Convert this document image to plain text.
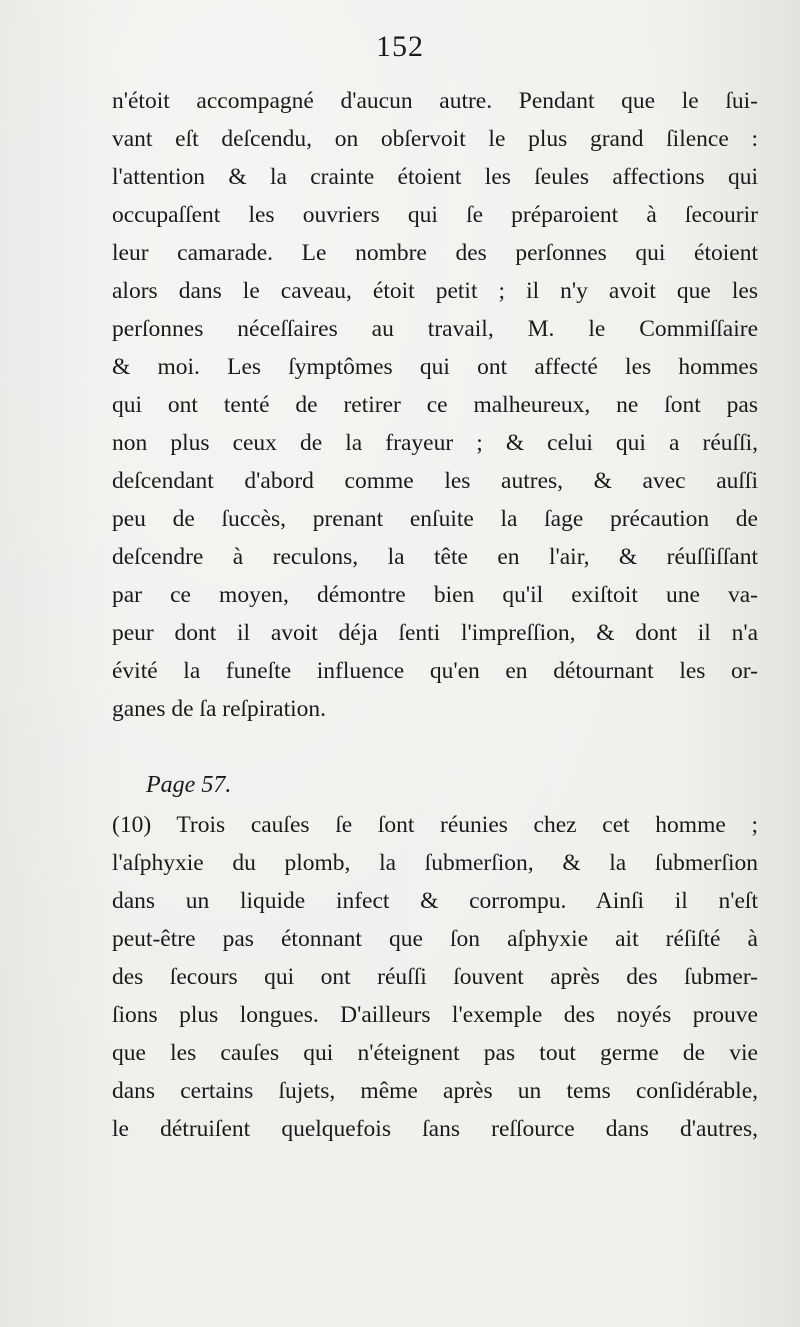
152
n'étoit accompagné d'aucun autre. Pendant que le ſui-
vant eſt deſcendu, on obſervoit le plus grand ſilence :
l'attention & la crainte étoient les ſeules affections qui
occupaſſent les ouvriers qui ſe préparoient à ſecourir
leur camarade. Le nombre des perſonnes qui étoient
alors dans le caveau, étoit petit ; il n'y avoit que les
perſonnes néceſſaires au travail, M. le Commiſſaire
& moi. Les ſymptômes qui ont affecté les hommes
qui ont tenté de retirer ce malheureux, ne ſont pas
non plus ceux de la frayeur ; & celui qui a réuſſi,
deſcendant d'abord comme les autres, & avec auſſi
peu de ſuccès, prenant enſuite la ſage précaution de
deſcendre à reculons, la tête en l'air, & réuſſiſſant
par ce moyen, démontre bien qu'il exiſtoit une va-
peur dont il avoit déja ſenti l'impreſſion, & dont il n'a
évité la funeſte influence qu'en en détournant les or-
ganes de ſa reſpiration.
Page 57.
(10) Trois cauſes ſe ſont réunies chez cet homme ;
l'aſphyxie du plomb, la ſubmerſion, & la ſubmerſion
dans un liquide infect & corrompu. Ainſi il n'eſt
peut-être pas étonnant que ſon aſphyxie ait réſiſté à
des ſecours qui ont réuſſi ſouvent après des ſubmer-
ſions plus longues. D'ailleurs l'exemple des noyés prouve
que les cauſes qui n'éteignent pas tout germe de vie
dans certains ſujets, même après un tems conſidérable,
le détruiſent quelquefois ſans reſſource dans d'autres,
